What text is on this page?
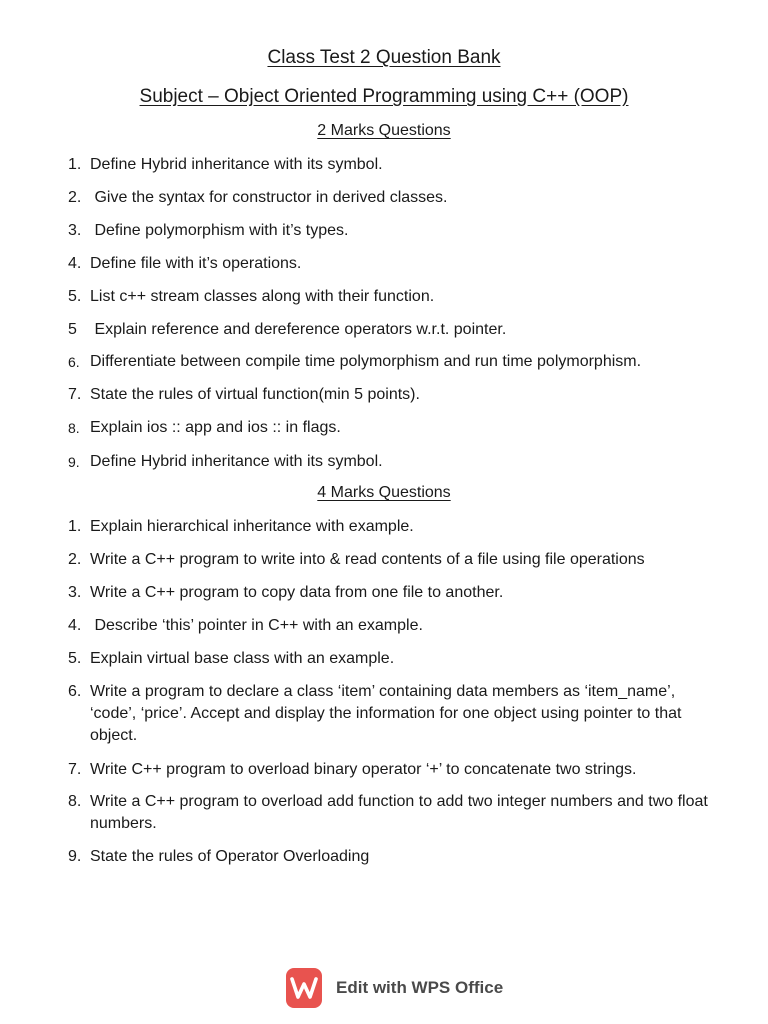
Class Test 2 Question Bank
Subject – Object Oriented Programming using C++ (OOP)
2 Marks Questions
1. Define Hybrid inheritance with its symbol.
2. Give the syntax for constructor in derived classes.
3. Define polymorphism with it’s types.
4. Define file with it’s operations.
5. List c++ stream classes along with their function.
5 Explain reference and dereference operators w.r.t. pointer.
6. Differentiate between compile time polymorphism and run time polymorphism.
7. State the rules of virtual function(min 5 points).
8. Explain ios :: app and ios :: in flags.
9. Define Hybrid inheritance with its symbol.
4 Marks Questions
1. Explain hierarchical inheritance with example.
2. Write a C++ program to write into & read contents of a file using file operations
3. Write a C++ program to copy data from one file to another.
4. Describe ‘this’ pointer in C++ with an example.
5. Explain virtual base class with an example.
6. Write a program to declare a class ‘item’ containing data members as ‘item_name’, ‘code’, ‘price’. Accept and display the information for one object using pointer to that object.
7. Write C++ program to overload binary operator ‘+’ to concatenate two strings.
8. Write a C++ program to overload add function to add two integer numbers and two float numbers.
9. State the rules of Operator Overloading
Edit with WPS Office
